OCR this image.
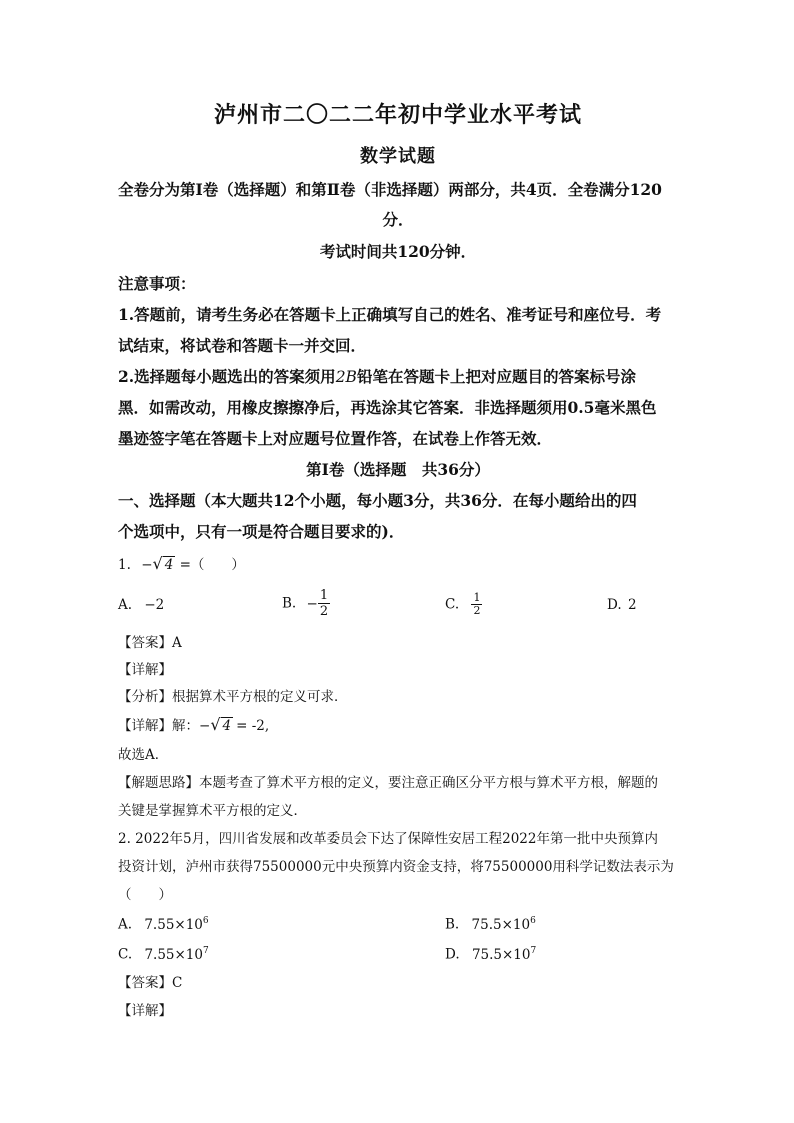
泸州市二〇二二年初中学业水平考试
数学试题
全卷分为第Ⅰ卷（选择题）和第Ⅱ卷（非选择题）两部分，共4页．全卷满分120
分．
考试时间共120分钟．
注意事项：
1.答题前，请考生务必在答题卡上正确填写自己的姓名、准考证号和座位号．考
试结束，将试卷和答题卡一并交回．
2.选择题每小题选出的答案须用2B铅笔在答题卡上把对应题目的答案标号涂
黑．如需改动，用橡皮擦擦净后，再选涂其它答案．非选择题须用0.5毫米黑色
墨迹签字笔在答题卡上对应题号位置作答，在试卷上作答无效．
第Ⅰ卷（选择题　共36分）
一、选择题（本大题共12个小题，每小题3分，共36分．在每小题给出的四
个选项中，只有一项是符合题目要求的)．
1. −√ 4 =（　　）
A. −2	B. − $\frac{1}{2}$	C. $\frac{1}{2}$	D. 2
【答案】A
【详解】
【分析】根据算术平方根的定义可求．
【详解】解：−√ 4 = -2,
故选A．
【解题思路】本题考查了算术平方根的定义，要注意正确区分平方根与算术平方根，解题的
关键是掌握算术平方根的定义．
2. 2022年5月，四川省发展和改革委员会下达了保障性安居工程2022年第一批中央预算内
投资计划，泸州市获得75500000元中央预算内资金支持，将75500000用科学记数法表示为
（　　）
A. $7.55\times 10^6$	B. $75.5\times 10^6$
C. $7.55\times 10^7$	D. $75.5\times 10^7$
【答案】C
【详解】
